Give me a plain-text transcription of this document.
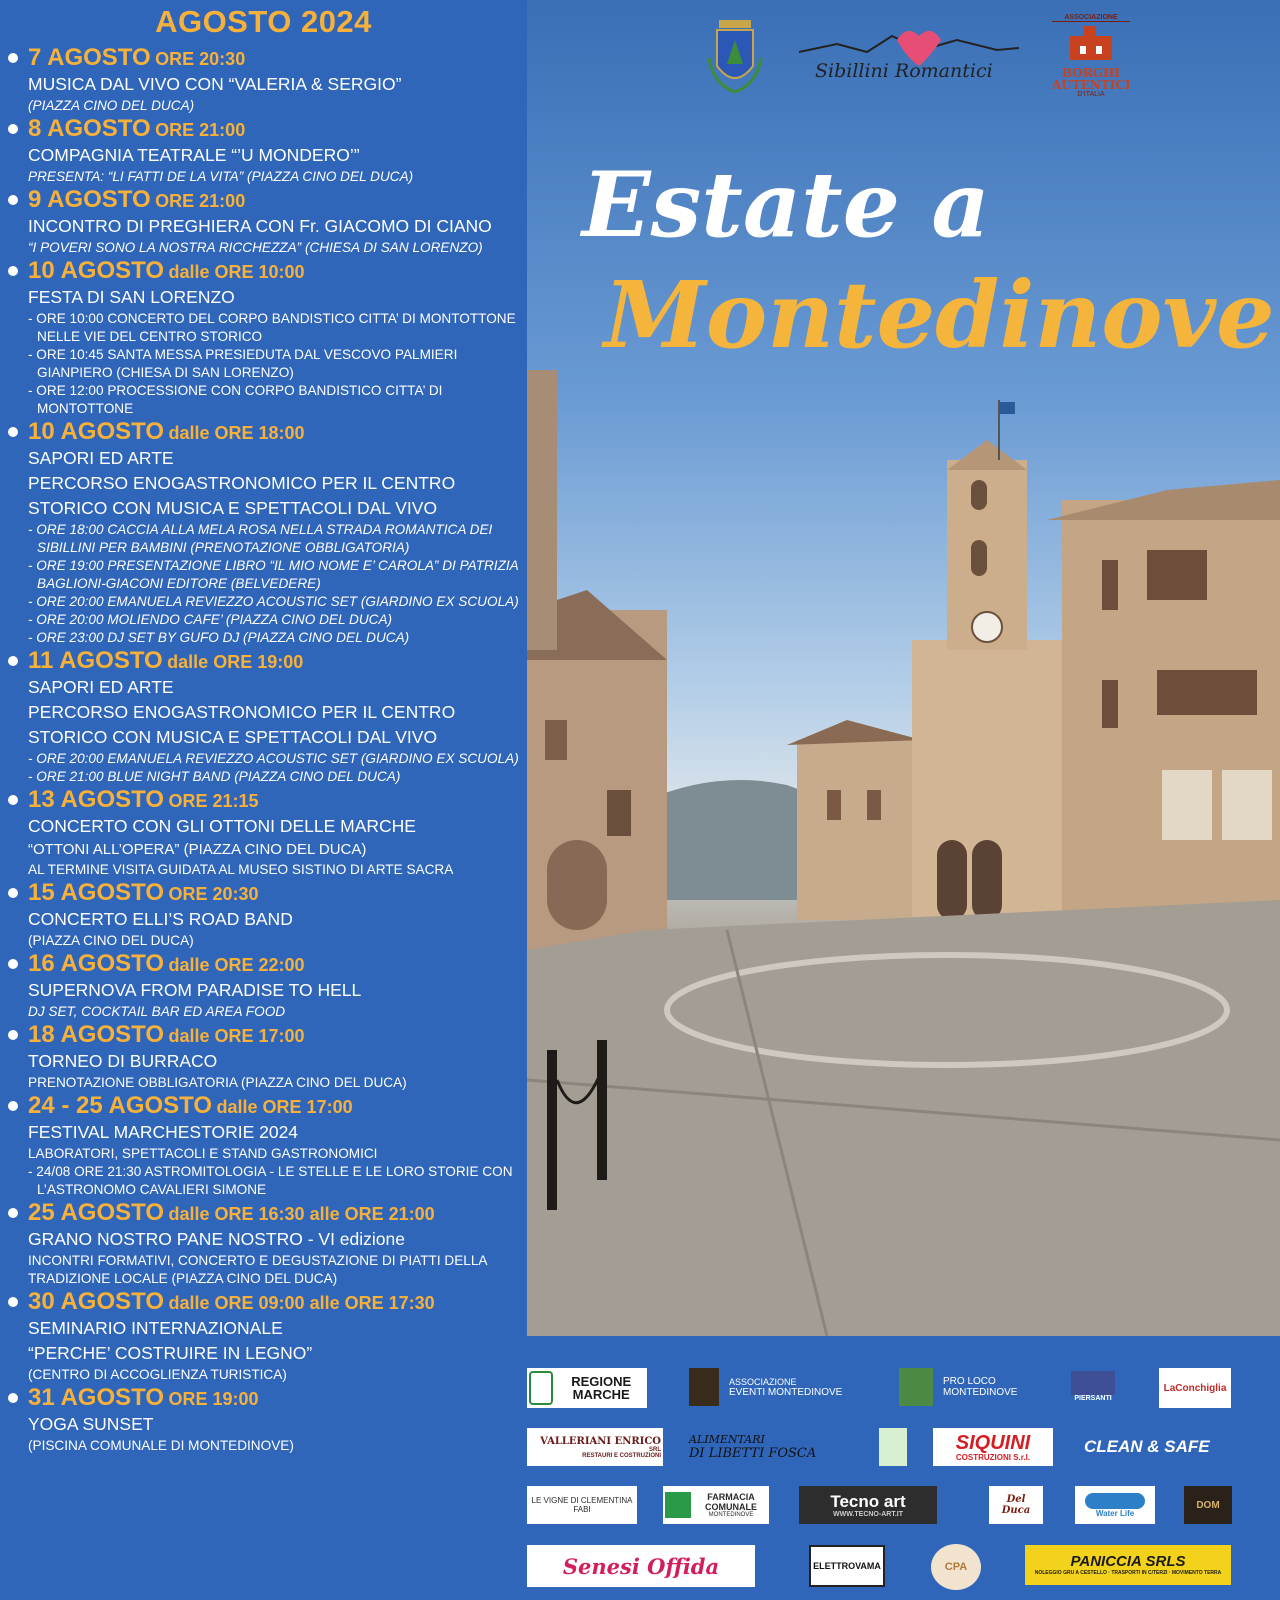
AGOSTO 2024
7 AGOSTO ORE 20:30
MUSICA DAL VIVO CON “VALERIA & SERGIO”
(PIAZZA CINO DEL DUCA)
8 AGOSTO ORE 21:00
COMPAGNIA TEATRALE “’U MONDERO’”
PRESENTA: “LI FATTI DE LA VITA” (PIAZZA CINO DEL DUCA)
9 AGOSTO ORE 21:00
INCONTRO DI PREGHIERA CON Fr. GIACOMO DI CIANO
“I POVERI SONO LA NOSTRA RICCHEZZA” (CHIESA DI SAN LORENZO)
10 AGOSTO dalle ORE 10:00
FESTA DI SAN LORENZO
- ORE 10:00 CONCERTO DEL CORPO BANDISTICO CITTA’ DI MONTOTTONE NELLE VIE DEL CENTRO STORICO
- ORE 10:45 SANTA MESSA PRESIEDUTA DAL VESCOVO PALMIERI GIANPIERO (CHIESA DI SAN LORENZO)
- ORE 12:00 PROCESSIONE CON CORPO BANDISTICO CITTA’ DI MONTOTTONE
10 AGOSTO dalle ORE 18:00
SAPORI ED ARTE
PERCORSO ENOGASTRONOMICO PER IL CENTRO STORICO CON MUSICA E SPETTACOLI DAL VIVO
- ORE 18:00 CACCIA ALLA MELA ROSA NELLA STRADA ROMANTICA DEI SIBILLINI PER BAMBINI (PRENOTAZIONE OBBLIGATORIA)
- ORE 19:00 PRESENTAZIONE LIBRO “IL MIO NOME E’ CAROLA” DI PATRIZIA BAGLIONI-GIACONI EDITORE (BELVEDERE)
- ORE 20:00 EMANUELA REVIEZZO ACOUSTIC SET (GIARDINO EX SCUOLA)
- ORE 20:00 MOLIENDO CAFE’ (PIAZZA CINO DEL DUCA)
- ORE 23:00 DJ SET BY GUFO DJ (PIAZZA CINO DEL DUCA)
11 AGOSTO dalle ORE 19:00
SAPORI ED ARTE
PERCORSO ENOGASTRONOMICO PER IL CENTRO STORICO CON MUSICA E SPETTACOLI DAL VIVO
- ORE 20:00 EMANUELA REVIEZZO ACOUSTIC SET (GIARDINO EX SCUOLA)
- ORE 21:00 BLUE NIGHT BAND (PIAZZA CINO DEL DUCA)
13 AGOSTO ORE 21:15
CONCERTO CON GLI OTTONI DELLE MARCHE
“OTTONI ALL’OPERA” (PIAZZA CINO DEL DUCA)
AL TERMINE VISITA GUIDATA AL MUSEO SISTINO DI ARTE SACRA
15 AGOSTO ORE 20:30
CONCERTO ELLI’S ROAD BAND
(PIAZZA CINO DEL DUCA)
16 AGOSTO dalle ORE 22:00
SUPERNOVA FROM PARADISE TO HELL
DJ SET, COCKTAIL BAR ED AREA FOOD
18 AGOSTO dalle ORE 17:00
TORNEO DI BURRACO
PRENOTAZIONE OBBLIGATORIA (PIAZZA CINO DEL DUCA)
24 - 25 AGOSTO dalle ORE 17:00
FESTIVAL MARCHESTORIE 2024
LABORATORI, SPETTACOLI E STAND GASTRONOMICI
- 24/08 ORE 21:30 ASTROMITOLOGIA - LE STELLE E LE LORO STORIE CON L’ASTRONOMO CAVALIERI SIMONE
25 AGOSTO dalle ORE 16:30 alle ORE 21:00
GRANO NOSTRO PANE NOSTRO - VI edizione
INCONTRI FORMATIVI, CONCERTO E DEGUSTAZIONE DI PIATTI DELLA TRADIZIONE LOCALE (PIAZZA CINO DEL DUCA)
30 AGOSTO dalle ORE 09:00 alle ORE 17:30
SEMINARIO INTERNAZIONALE
“PERCHE’ COSTRUIRE IN LEGNO”
(CENTRO DI ACCOGLIENZA TURISTICA)
31 AGOSTO ORE 19:00
YOGA SUNSET
(PISCINA COMUNALE DI MONTEDINOVE)
Sibillini Romantici
ASSOCIAZIONE
BORGHI AUTENTICI
D'ITALIA
Estate a
Montedinove
REGIONE MARCHE
ASSOCIAZIONE
EVENTI MONTEDINOVE
PRO LOCO MONTEDINOVE	PIERSANTI
LaConchiglia
VALLERIANI ENRICO
SRL
RESTAURI E COSTRUZIONI
ALIMENTARI
DI LIBETTI FOSCA	SIQUINI
COSTRUZIONI S.r.l.
CLEAN & SAFE
LE VIGNE DI CLEMENTINA FABI
FARMACIA COMUNALE
MONTEDINOVE
Tecno art
WWW.TECNO-ART.IT
Del Duca	Water Life
DOM
Senesi Offida	ELETTROVAMA	CPA	PANICCIA SRLS
NOLEGGIO GRU A CESTELLO · TRASPORTI IN C/TERZI · MOVIMENTO TERRA
